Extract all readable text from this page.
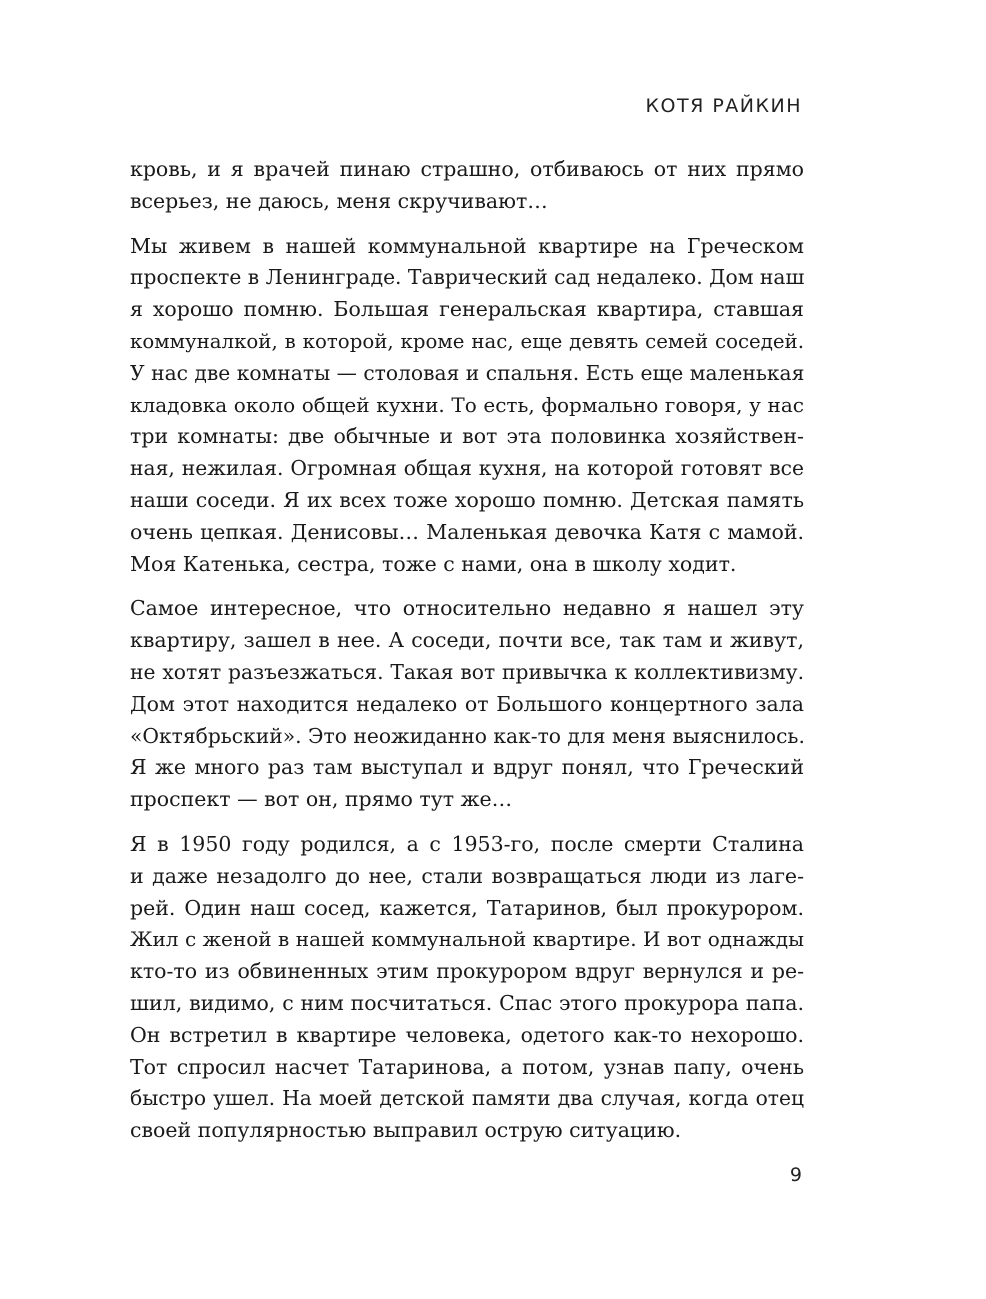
КОТЯ РАЙКИН
кровь, и я врачей пинаю страшно, отбиваюсь от них прямо
всерьез, не даюсь, меня скручивают…
Мы живем в нашей коммунальной квартире на Греческом
проспекте в Ленинграде. Таврический сад недалеко. Дом наш
я хорошо помню. Большая генеральская квартира, ставшая
коммуналкой, в которой, кроме нас, еще девять семей соседей.
У нас две комнаты — столовая и спальня. Есть еще маленькая
кладовка около общей кухни. То есть, формально говоря, у нас
три комнаты: две обычные и вот эта половинка хозяйствен-
ная, нежилая. Огромная общая кухня, на которой готовят все
наши соседи. Я их всех тоже хорошо помню. Детская память
очень цепкая. Денисовы… Маленькая девочка Катя с мамой.
Моя Катенька, сестра, тоже с нами, она в школу ходит.
Самое интересное, что относительно недавно я нашел эту
квартиру, зашел в нее. А соседи, почти все, так там и живут,
не хотят разъезжаться. Такая вот привычка к коллективизму.
Дом этот находится недалеко от Большого концертного зала
«Октябрьский». Это неожиданно как-то для меня выяснилось.
Я же много раз там выступал и вдруг понял, что Греческий
проспект — вот он, прямо тут же…
Я в 1950 году родился, а с 1953-го, после смерти Сталина
и даже незадолго до нее, стали возвращаться люди из лаге-
рей. Один наш сосед, кажется, Татаринов, был прокурором.
Жил с женой в нашей коммунальной квартире. И вот однажды
кто-то из обвиненных этим прокурором вдруг вернулся и ре-
шил, видимо, с ним посчитаться. Спас этого прокурора папа.
Он встретил в квартире человека, одетого как-то нехорошо.
Тот спросил насчет Татаринова, а потом, узнав папу, очень
быстро ушел. На моей детской памяти два случая, когда отец
своей популярностью выправил острую ситуацию.
9
